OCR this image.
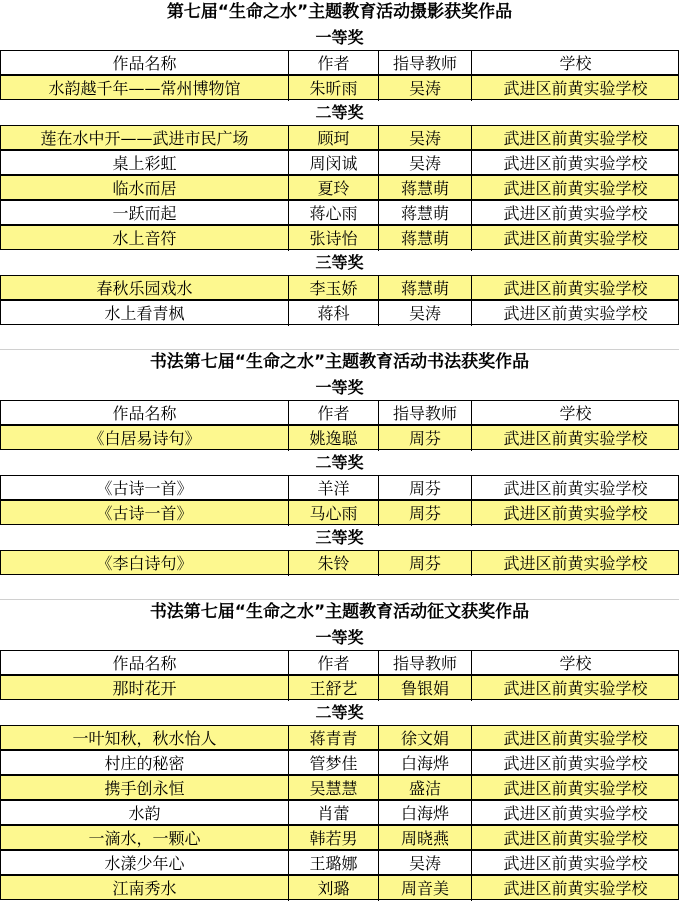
第七届“生命之水”主题教育活动摄影获奖作品
一等奖
作品名称	作者	指导教师	学校
水韵越千年——常州博物馆	朱昕雨	吴涛	武进区前黄实验学校
二等奖
莲在水中开——武进市民广场	顾珂	吴涛	武进区前黄实验学校
桌上彩虹	周闵诚	吴涛	武进区前黄实验学校
临水而居	夏玲	蒋慧萌	武进区前黄实验学校
一跃而起	蒋心雨	蒋慧萌	武进区前黄实验学校
水上音符	张诗怡	蒋慧萌	武进区前黄实验学校
三等奖
春秋乐园戏水	李玉娇	蒋慧萌	武进区前黄实验学校
水上看青枫	蒋科	吴涛	武进区前黄实验学校
书法第七届“生命之水”主题教育活动书法获奖作品
一等奖
作品名称	作者	指导教师	学校
《白居易诗句》	姚逸聪	周芬	武进区前黄实验学校
二等奖
《古诗一首》	羊洋	周芬	武进区前黄实验学校
《古诗一首》	马心雨	周芬	武进区前黄实验学校
三等奖
《李白诗句》	朱铃	周芬	武进区前黄实验学校
书法第七届“生命之水”主题教育活动征文获奖作品
一等奖
作品名称	作者	指导教师	学校
那时花开	王舒艺	鲁银娟	武进区前黄实验学校
二等奖
一叶知秋，秋水怡人	蒋青青	徐文娟	武进区前黄实验学校
村庄的秘密	管梦佳	白海烨	武进区前黄实验学校
携手创永恒	吴慧慧	盛洁	武进区前黄实验学校
水韵	肖蕾	白海烨	武进区前黄实验学校
一滴水，一颗心	韩若男	周晓燕	武进区前黄实验学校
水漾少年心	王璐娜	吴涛	武进区前黄实验学校
江南秀水	刘璐	周音美	武进区前黄实验学校
